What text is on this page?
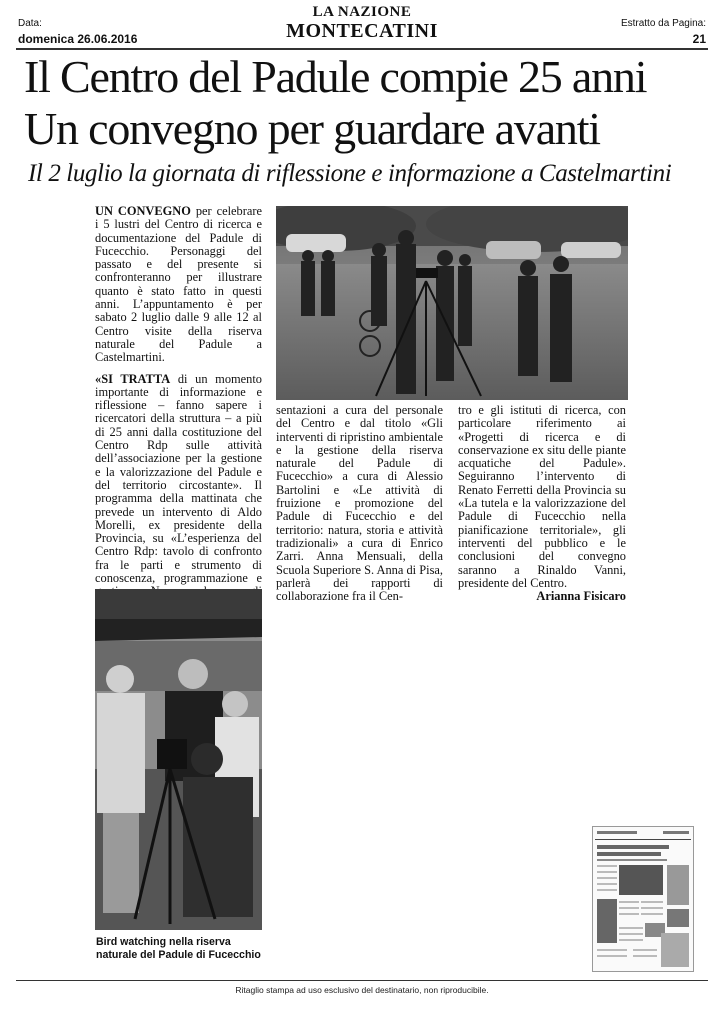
Data:
domenica 26.06.2016
LA NAZIONE
MONTECATINI	Estratto da Pagina:
21
Il Centro del Padule compie 25 anni
Un convegno per guardare avanti
Il 2 luglio la giornata di riflessione e informazione a Castelmartini

UN CONVEGNO per celebrare i 5 lustri del Centro di ricerca e documentazione del Padule di Fucecchio. Personaggi del passato e del presente si confronteranno per illustrare quanto è stato fatto in questi anni. L’appuntamento è per sabato 2 luglio dalle 9 alle 12 al Centro visite della riserva naturale del Padule a Castelmartini.

«SI TRATTA di un momento importante di informazione e riflessione – fanno sapere i ricercatori della struttura – a più di 25 anni dalla costituzione del Centro Rdp sulle attività dell’associazione per la gestione e la valorizzazione del Padule e del territorio circostante». Il programma della mattinata che prevede un intervento di Aldo Morelli, ex presidente della Provincia, su «L’esperienza del Centro Rdp: tavolo di confronto fra le parti e strumento di conoscenza, programmazione e

sentazioni a cura del personale del Centro e dal titolo «Gli interventi di ripristino ambientale e la gestione della riserva naturale del Padule di Fucecchio» a cura di Alessio Bartolini e «Le attività di fruizione e promozione del Padule di Fucecchio e del territorio: natura, storia e attività tradizionali» a cura di Enrico Zarri. Anna Mensuali, della Scuola Superiore S. Anna di Pisa, parlerà dei rapporti di collaborazione fra il Cen-

tro e gli istituti di ricerca, con particolare riferimento ai «Progetti di ricerca e di conservazione ex situ delle piante acquatiche del Padule». Seguiranno l’intervento di Renato Ferretti della Provincia su «La tutela e la valorizzazione del Padule di Fucecchio nella pianificazione territoriale», gli interventi del pubblico e le conclusioni del convegno saranno a Rinaldo Vanni, presidente del Centro.

Arianna Fisicaro
Bird watching nella riserva
naturale del Padule di Fucecchio
Ritaglio stampa ad uso esclusivo del destinatario, non riproducibile.
